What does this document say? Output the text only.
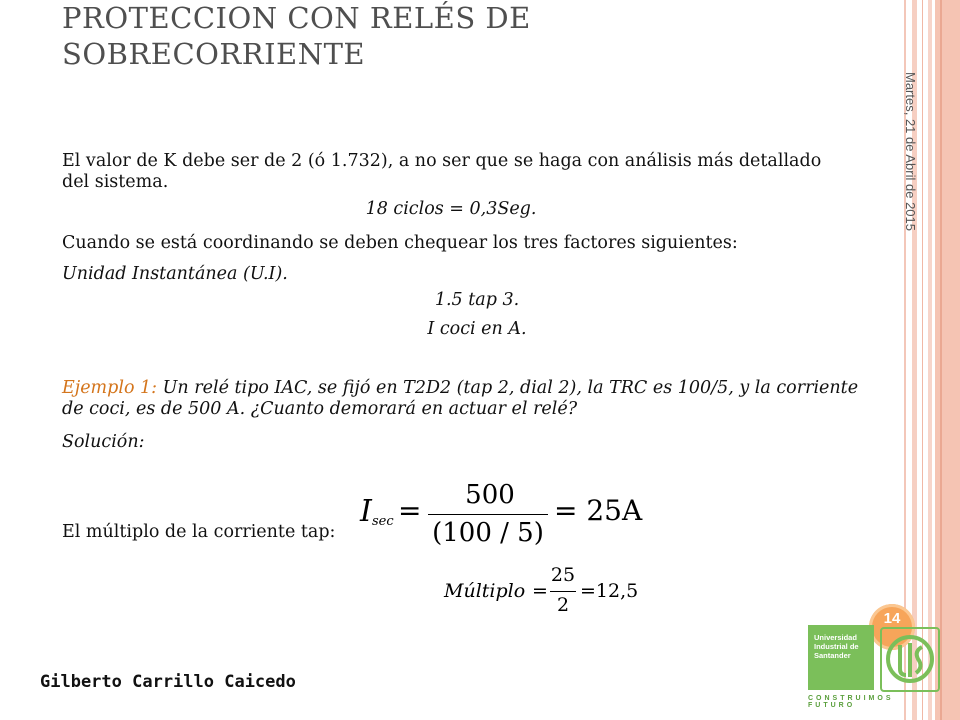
PROTECCION CON RELÉS DE SOBRECORRIENTE
Martes, 21 de Abril de 2015
El valor de K debe ser de 2 (ó 1.732), a no ser que se haga con análisis más detallado del sistema.
18 ciclos = 0,3Seg.
Cuando se está coordinando se deben chequear los tres factores siguientes:
Unidad Instantánea (U.I).
1.5 tap 3.
I coci en A.
Ejemplo 1: Un relé tipo IAC, se fijó en T2D2 (tap 2, dial 2), la TRC es 100/5, y la corriente de coci, es de 500 A. ¿Cuanto demorará en actuar el relé?
Solución:
El múltiplo de la corriente tap:
I sec =	500
(100 / 5)
= 25A
Múltiplo =
25
2
=12,5
14
Gilberto Carrillo Caicedo
Universidad
Industrial de
Santander
CONSTRUIMOS FUTURO
